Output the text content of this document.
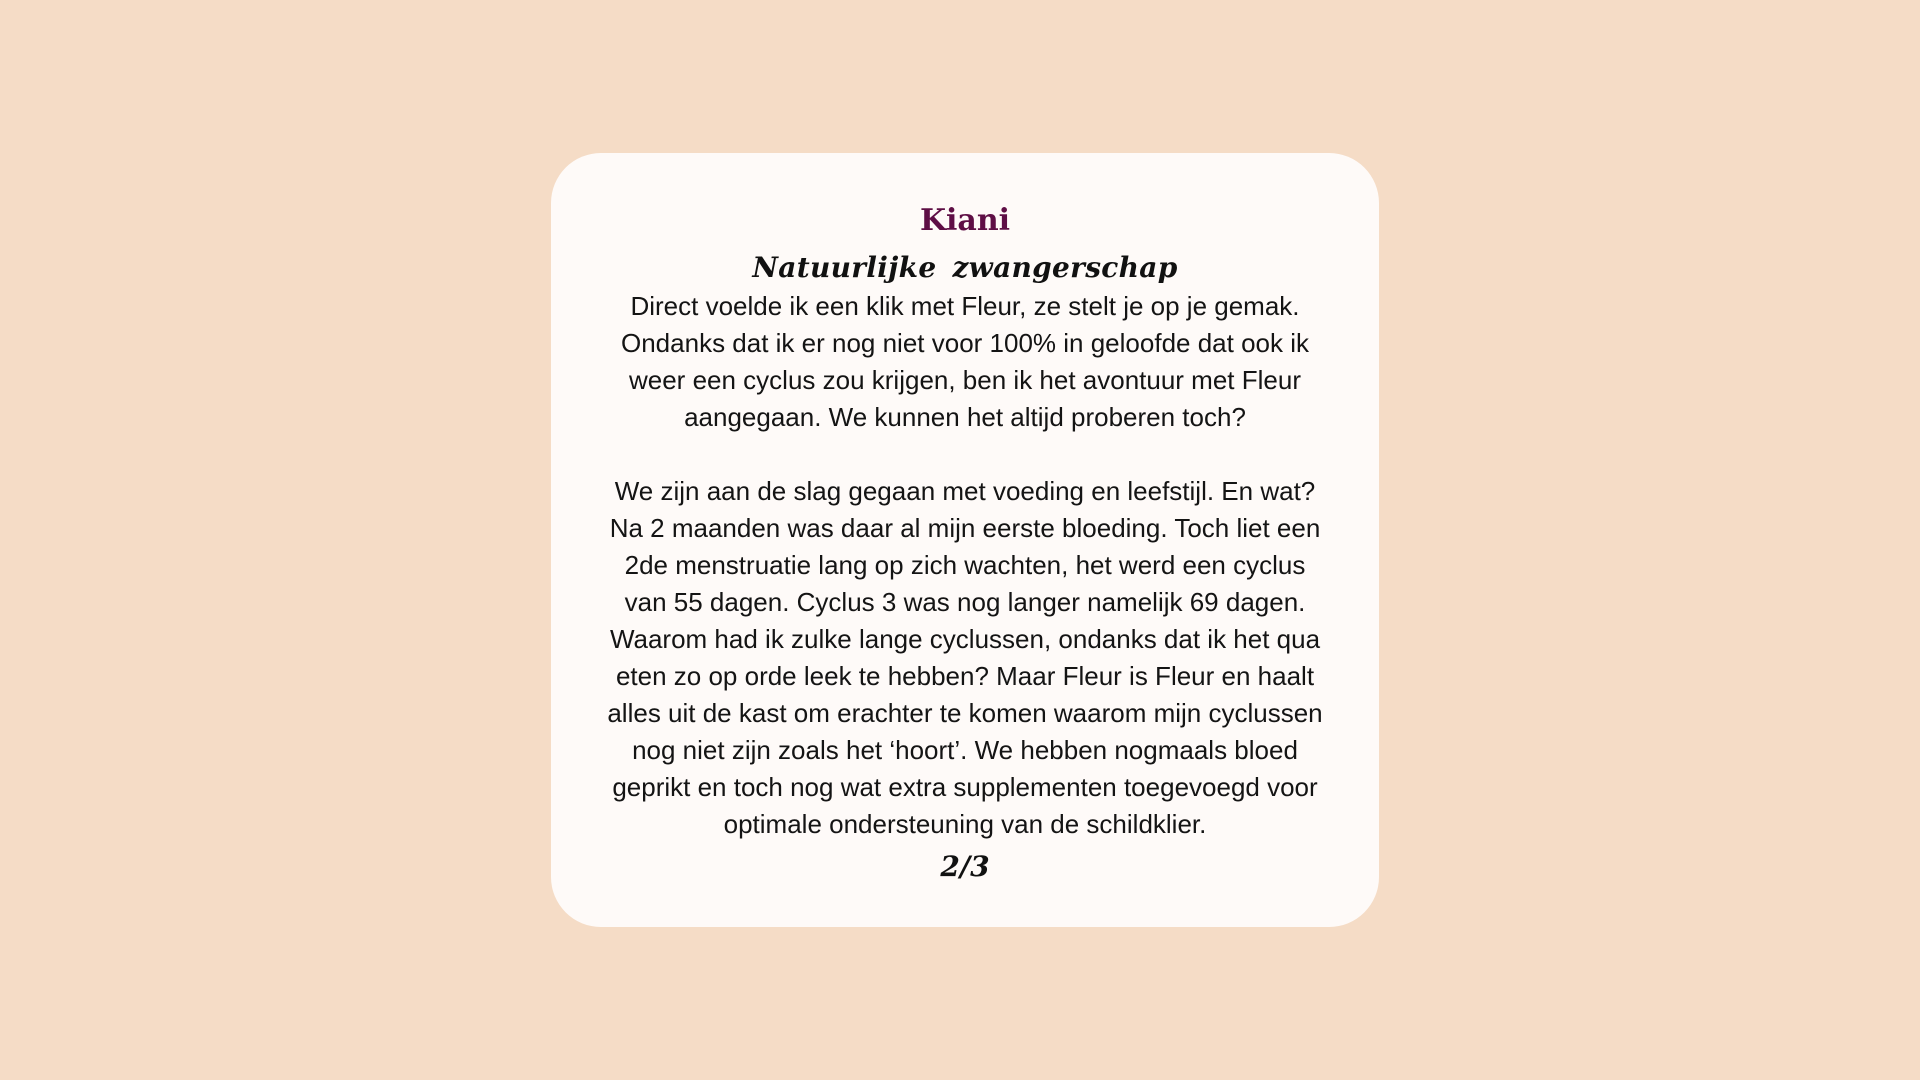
Kiani
Natuurlijke zwangerschap

Direct voelde ik een klik met Fleur, ze stelt je op je gemak.
Ondanks dat ik er nog niet voor 100% in geloofde dat ook ik
weer een cyclus zou krijgen, ben ik het avontuur met Fleur
aangegaan. We kunnen het altijd proberen toch?

We zijn aan de slag gegaan met voeding en leefstijl. En wat?
Na 2 maanden was daar al mijn eerste bloeding. Toch liet een
2de menstruatie lang op zich wachten, het werd een cyclus
van 55 dagen. Cyclus 3 was nog langer namelijk 69 dagen.
Waarom had ik zulke lange cyclussen, ondanks dat ik het qua
eten zo op orde leek te hebben? Maar Fleur is Fleur en haalt
alles uit de kast om erachter te komen waarom mijn cyclussen
nog niet zijn zoals het ‘hoort’. We hebben nogmaals bloed
geprikt en toch nog wat extra supplementen toegevoegd voor
optimale ondersteuning van de schildklier.

2/3
